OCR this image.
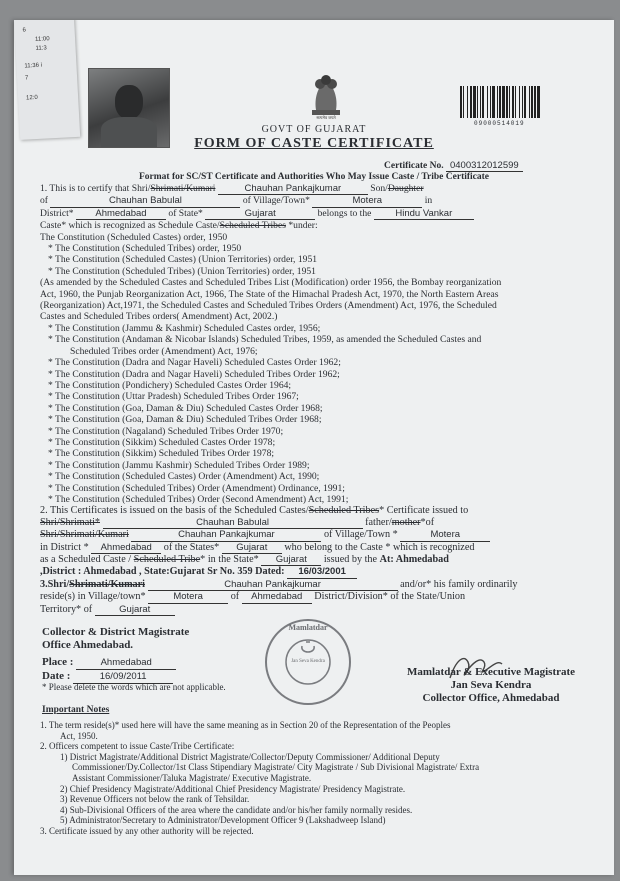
6
11:00
11:3
11:36 i
7
12:0
सत्यमेव जयते
09000514019
GOVT OF GUJARAT
FORM OF CASTE CERTIFICATE
Certificate No. 0400312012599
Format for SC/ST Certificate and Authorities Who May Issue Caste / Tribe Certificate
1. This is to certify that Shri/Shrimati/Kumari	Chauhan Pankajkumar	Son/Daughter
of	Chauhan Babulal	of Village/Town*	Motera	in
District* Ahmedabad of State*	Gujarat	belongs to the	Hindu Vankar
Caste* which is recognized as Schedule Caste/Scheduled Tribes *under:
The Constitution (Scheduled Castes) order, 1950
* The Constitution (Scheduled Tribes) order, 1950
* The Constitution (Scheduled Castes) (Union Territories) order, 1951
* The Constitution (Scheduled Tribes) (Union Territories) order, 1951
(As amended by the Scheduled Castes and Scheduled Tribes List (Modification) order 1956, the Bombay reorganization
Act, 1960, the Punjab Reorganization Act, 1966, The State of the Himachal Pradesh Act, 1970, the North Eastern Areas
(Reorganization) Act,1971, the Scheduled Castes and Scheduled Tribes Orders (Amendment) Act, 1976, the Scheduled
Castes and Scheduled Tribes orders( Amendment) Act, 2002.)
* The Constitution (Jammu & Kashmir) Scheduled Castes order, 1956;
* The Constitution (Andaman & Nicobar Islands) Scheduled Tribes, 1959, as amended the Scheduled Castes and
Scheduled Tribes order (Amendment) Act, 1976;
* The Constitution (Dadra and Nagar Haveli) Scheduled Castes Order 1962;
* The Constitution (Dadra and Nagar Haveli) Scheduled Tribes Order 1962;
* The Constitution (Pondichery) Scheduled Castes Order 1964;
* The Constitution (Uttar Pradesh) Scheduled Tribes Order 1967;
* The Constitution (Goa, Daman & Diu) Scheduled Castes Order 1968;
* The Constitution (Goa, Daman & Diu) Scheduled Tribes Order 1968;
* The Constitution (Nagaland) Scheduled Tribes Order 1970;
* The Constitution (Sikkim) Scheduled Castes Order 1978;
* The Constitution (Sikkim) Scheduled Tribes Order 1978;
* The Constitution (Jammu Kashmir) Scheduled Tribes Order 1989;
* The Constitution (Scheduled Castes) Order (Amendment) Act, 1990;
* The Constitution (Scheduled Tribes) Order (Amendment) Ordinance, 1991;
* The Constitution (Scheduled Tribes) Order (Second Amendment) Act, 1991;
2. This Certificates is issued on the basis of the Scheduled Castes/Scheduled Tribes* Certificate issued to
Shri/Shrimati*	Chauhan Babulal	father/mother*of
Shri/Shrimati/Kumari	Chauhan Pankajkumar	of Village/Town *	Motera
in District * Ahmedabad of the States* Gujarat who belong to the Caste * which is recognized
as a Scheduled Caste / Scheduled Tribe* in the State* Gujarat issued by the At: Ahmedabad
,District : Ahmedabad , State:Gujarat Sr No. 359 Dated: 16/03/2001
3.Shri/Shrimati/Kumari	Chauhan Pankajkumar	and/or* his family ordinarily
reside(s) in Village/town*	Motera	of Ahmedabad District/Division* of the State/Union
Territory* of	Gujarat
Collector & District Magistrate
Office Ahmedabad.
Place :	Ahmedabad
Date :	16/09/2011
* Please delete the words which are not applicable.
Jan Seva Kendra
Mamlatdar
Mamlatdar & Executive Magistrate
Jan Seva Kendra
Collector Office, Ahmedabad
Important Notes
1. The term reside(s)* used here will have the same meaning as in Section 20 of the Representation of the Peoples
Act, 1950.
2. Officers competent to issue Caste/Tribe Certificate:
1) District Magistrate/Additional District Magistrate/Collector/Deputy Commissioner/ Additional Deputy
Commissioner/Dy.Collector/1st Class Stipendiary Magistrate/ City Magistrate / Sub Divisional Magistrate/ Extra
Assistant Commissioner/Taluka Magistrate/ Executive Magistrate.
2) Chief Presidency Magistrate/Additional Chief Presidency Magistrate/ Presidency Magistrate.
3) Revenue Officers not below the rank of Tehsildar.
4) Sub-Divisional Officers of the area where the candidate and/or his/her family normally resides.
5) Administrator/Secretary to Administrator/Development Officer 9 (Lakshadweep Island)
3. Certificate issued by any other authority will be rejected.
